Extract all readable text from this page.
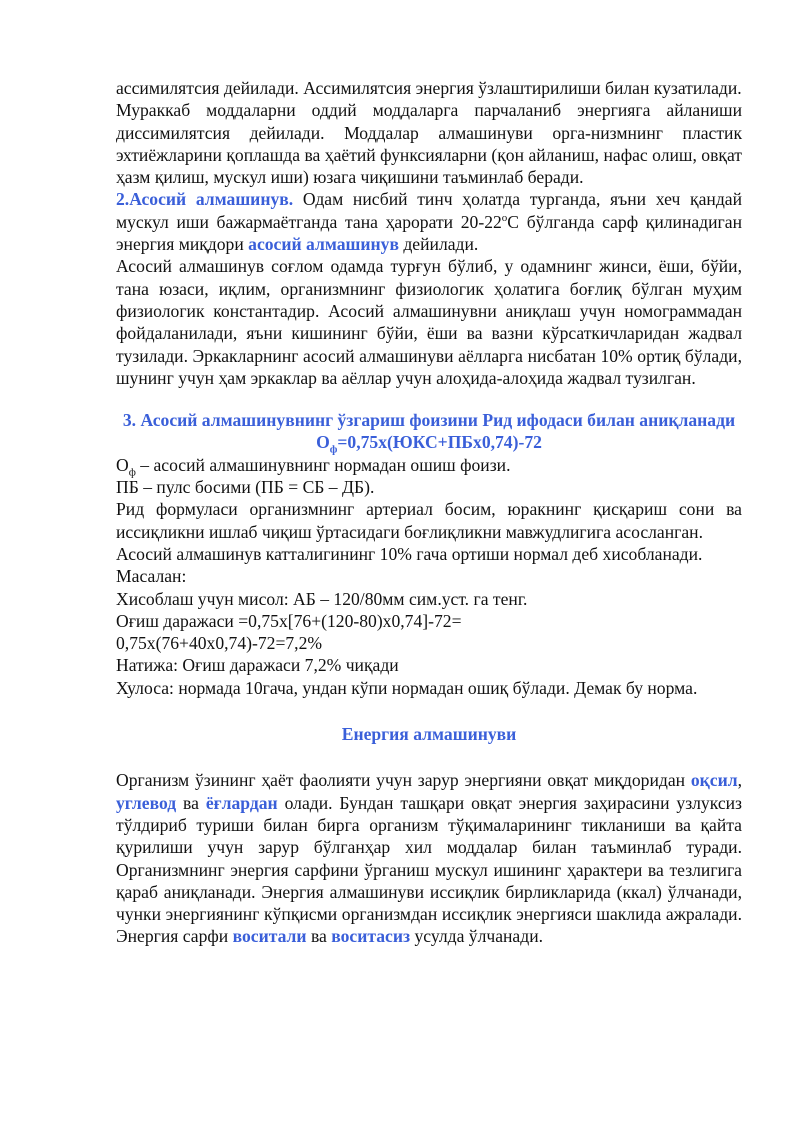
ассимилятсия дейилади. Ассимилятсия энергия ўзлаштирилиши билан кузатилади.

Мураккаб моддаларни оддий моддаларга парчаланиб энергияга айланиши диссимилятсия дейилади. Моддалар алмашинуви орга-низмнинг пластик эхтиёжларини қоплашда ва ҳаётий функсияларни (қон айланиш, нафас олиш, овқат ҳазм қилиш, мускул иши) юзага чиқишини таъминлаб беради.

2.Асосий алмашинув. Одам нисбий тинч ҳолатда турганда, яъни хеч қандай мускул иши бажармаётганда тана ҳарорати $20-22^оС$ бўлганда сарф қилинадиган энергия миқдори асосий алмашинув дейилади.

Асосий алмашинув соғлом одамда турғун бўлиб, у одамнинг жинси, ёши, бўйи, тана юзаси, иқлим, организмнинг физиологик ҳолатига боғлиқ бўлган муҳим физиологик константадир. Асосий алмашинувни аниқлаш учун номограммадан фойдаланилади, яъни кишининг бўйи, ёши ва вазни кўрсаткичларидан жадвал тузилади. Эркакларнинг асосий алмашинуви аёлларга нисбатан 10% ортиқ бўлади, шунинг учун ҳам эркаклар ва аёллар учун алоҳида-алоҳида жадвал тузилган.

3. Асосий алмашинувнинг ўзгариш фоизини Рид ифодаси билан аниқланади

$О_ф=0,75х(ЮКС+ПБх0,74)-72$

$О_ф$ – асосий алмашинувнинг нормадан ошиш фоизи.

ПБ – пулс босими (ПБ = СБ – ДБ).

Рид формуласи организмнинг артериал босим, юракнинг қисқариш сони ва иссиқликни ишлаб чиқиш ўртасидаги боғлиқликни мавжудлигига асосланган.

Асосий алмашинув катталигининг 10% гача ортиши нормал деб хисобланади.

Масалан:

Хисоблаш учун мисол: АБ – 120/80мм сим.уст. га тенг.

Оғиш даражаси =0,75х[76+(120-80)х0,74]-72=

0,75х(76+40х0,74)-72=7,2%

Натижа: Оғиш даражаси 7,2% чиқади

Хулоса: нормада 10гача, ундан кўпи нормадан ошиқ бўлади. Демак бу норма.

Енергия алмашинуви

Организм ўзининг ҳаёт фаолияти учун зарур энергияни овқат миқдоридан оқсил, углевод ва ёғлардан олади. Бундан ташқари овқат энергия заҳирасини узлуксиз тўлдириб туриши билан бирга организм тўқималарининг тикланиши ва қайта қурилиши учун зарур бўлганҳар хил моддалар билан таъминлаб туради. Организмнинг энергия сарфини ўрганиш мускул ишининг ҳарактери ва тезлигига қараб аниқланади. Энергия алмашинуви иссиқлик бирликларида (ккал) ўлчанади, чунки энергиянинг кўпқисми организмдан иссиқлик энергияси шаклида ажралади. Энергия сарфи воситали ва воситасиз усулда ўлчанади.
